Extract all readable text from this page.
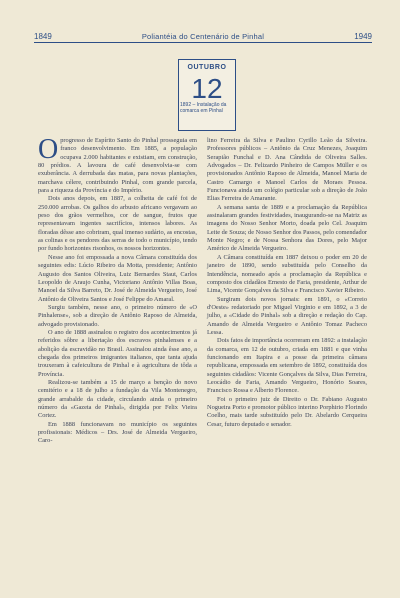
1849	Poliantéia do Centenário de Pinhal	1949
OUTUBRO
12
1892 – Instalação da comarca em Pinhal

Oprogresso de Espírito Santo do Pinhal prosseguia em franco desenvolvimento. Em 1885, a população ocupava 2.000 habitantes e existiam, em construção, 80 prédios. A lavoura de café desenvolvia-se com exuberância. A derrubada das matas, para novas plantações, marchava célere, contribuindo Pinhal, com grande parcela, para a riqueza da Província e do Império.

Dois anos depois, em 1887, a colheita de café foi de 250.000 arrobas. Os galhos do arbusto africano vergavam ao peso dos grãos vermelhos, cor de sangue, frutos que representavam ingentes sacrifícios, intensos labores. As floradas dêsse ano cobriram, qual imenso sudário, as encostas, as colinas e os pendores das serras de todo o município, tendo por fundo horizontes risonhos, os nossos horizontes.

Nesse ano foi empossada a nova Câmara constituída dos seguintes edis: Lúcio Ribeiro da Motta, presidente; Antônio Augusto dos Santos Oliveira, Luiz Bernardes Staut, Carlos Leopoldo de Araujo Cunha, Victoriano Antônio Villas Boas, Manoel da Silva Barreto, Dr. José de Almeida Vergueiro, José Antônio de Oliveira Santos e José Felippe do Amaral.

Surgiu também, nesse ano, o primeiro número de «O Pinhalense», sob a direção de Antônio Raposo de Almeida, advogado provisionado.

O ano de 1888 assinalou o registro dos acontecimentos já referidos sôbre a libertação dos escravos pinhalenses e a abolição da escravidão no Brasil. Assinalou ainda êsse ano, a chegada dos primeiros imigrantes italianos, que tanta ajuda trouxeram à cafeicultura de Pinhal e à agricultura de tôda a Província.

Realizou-se também a 15 de março a benção do novo cemitério e a 18 de julho a fundação da Vila Montenegro, grande arrabalde da cidade, circulando ainda o primeiro número da «Gazeta de Pinhal», dirigida por Felix Vieira Cortez.

Em 1888 funcionavam no município os seguintes profissionais: Médicos – Drs. José de Almeida Vergueiro, Caro-

lino Ferreira da Silva e Paulino Cyrillo Leão da Silveira. Professores públicos – Antônio da Cruz Menezes, Joaquim Serapião Funchal e D. Ana Cândida de Oliveira Salles. Advogados – Dr. Felizardo Pinheiro de Campos Müller e os provisionados Antônio Raposo de Almeida, Manoel Maria de Castro Camargo e Manoel Carlos de Moraes Pessoa. Funcionava ainda um colégio particular sob a direção de João Elias Ferreira de Amarante.

A semana santa de 1889 e a proclamação da República assinalaram grandes festividades, inaugurando-se na Matriz as imagens do Nosso Senhor Morto, doada pelo Cel. Joaquim Leite de Souza; de Nosso Senhor dos Passos, pelo comendador Monte Negro; e de Nossa Senhora das Dores, pelo Major Américo de Almeida Vergueiro.

A Câmara constituída em 1887 deixou o poder em 20 de janeiro de 1890, sendo substituída pelo Conselho da Intendência, nomeado após a proclamação da República e composto dos cidadãos Ernesto de Faria, presidente, Arthur de Lima, Vicente Gonçalves da Silva e Francisco Xavier Ribeiro.

Surgiram dois novos jornais: em 1891, o «Correio d'Oeste» redatoriado por Miguel Virginio e em 1892, a 3 de julho, a «Cidade do Pinhal» sob a direção e redação do Cap. Amando de Almeida Vergueiro e Antônio Tomaz Pacheco Lessa.

Dois fatos de importância ocorreram em 1892: a instalação da comarca, em 12 de outubro, criada em 1881 e que vinha funcionando em Itapira e a posse da primeira câmara republicana, empossada em setembro de 1892, constituída dos seguintes cidadãos: Vicente Gonçalves da Silva, Dias Ferreira, Leocádio de Faria, Amando Vergueiro, Honório Soares, Francisco Rossa e Alberto Florence.

Foi o primeiro juiz de Direito o Dr. Fabiano Augusto Nogueira Porto e promotor público interino Porphirio Florindo Coelho, mais tarde substituído pelo Dr. Abelardo Cerqueira Cesar, futuro deputado e senador.
